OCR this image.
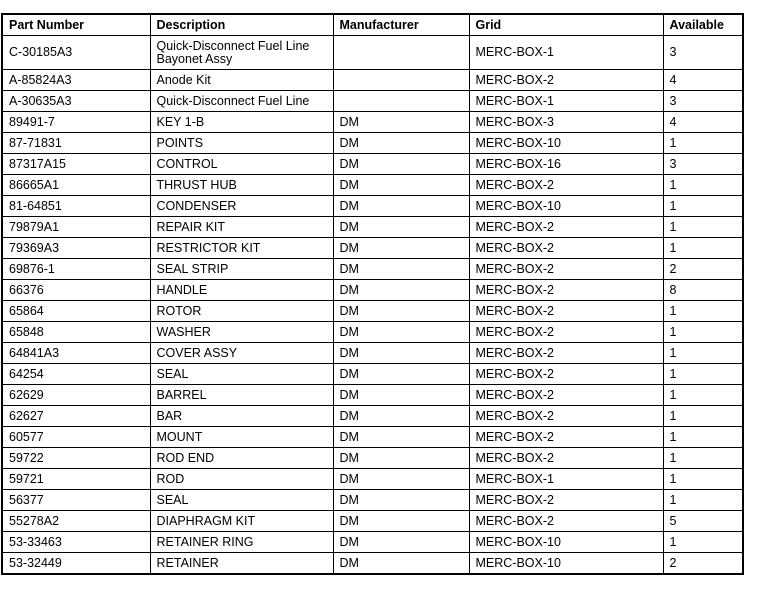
Part Number	Description	Manufacturer	Grid	Available
C-30185A3	Quick-Disconnect Fuel Line Bayonet Assy		MERC-BOX-1	3
A-85824A3	Anode Kit		MERC-BOX-2	4
A-30635A3	Quick-Disconnect Fuel Line		MERC-BOX-1	3
89491-7	KEY 1-B	DM	MERC-BOX-3	4
87-71831	POINTS	DM	MERC-BOX-10	1
87317A15	CONTROL	DM	MERC-BOX-16	3
86665A1	THRUST HUB	DM	MERC-BOX-2	1
81-64851	CONDENSER	DM	MERC-BOX-10	1
79879A1	REPAIR KIT	DM	MERC-BOX-2	1
79369A3	RESTRICTOR KIT	DM	MERC-BOX-2	1
69876-1	SEAL STRIP	DM	MERC-BOX-2	2
66376	HANDLE	DM	MERC-BOX-2	8
65864	ROTOR	DM	MERC-BOX-2	1
65848	WASHER	DM	MERC-BOX-2	1
64841A3	COVER ASSY	DM	MERC-BOX-2	1
64254	SEAL	DM	MERC-BOX-2	1
62629	BARREL	DM	MERC-BOX-2	1
62627	BAR	DM	MERC-BOX-2	1
60577	MOUNT	DM	MERC-BOX-2	1
59722	ROD END	DM	MERC-BOX-2	1
59721	ROD	DM	MERC-BOX-1	1
56377	SEAL	DM	MERC-BOX-2	1
55278A2	DIAPHRAGM KIT	DM	MERC-BOX-2	5
53-33463	RETAINER RING	DM	MERC-BOX-10	1
53-32449	RETAINER	DM	MERC-BOX-10	2
